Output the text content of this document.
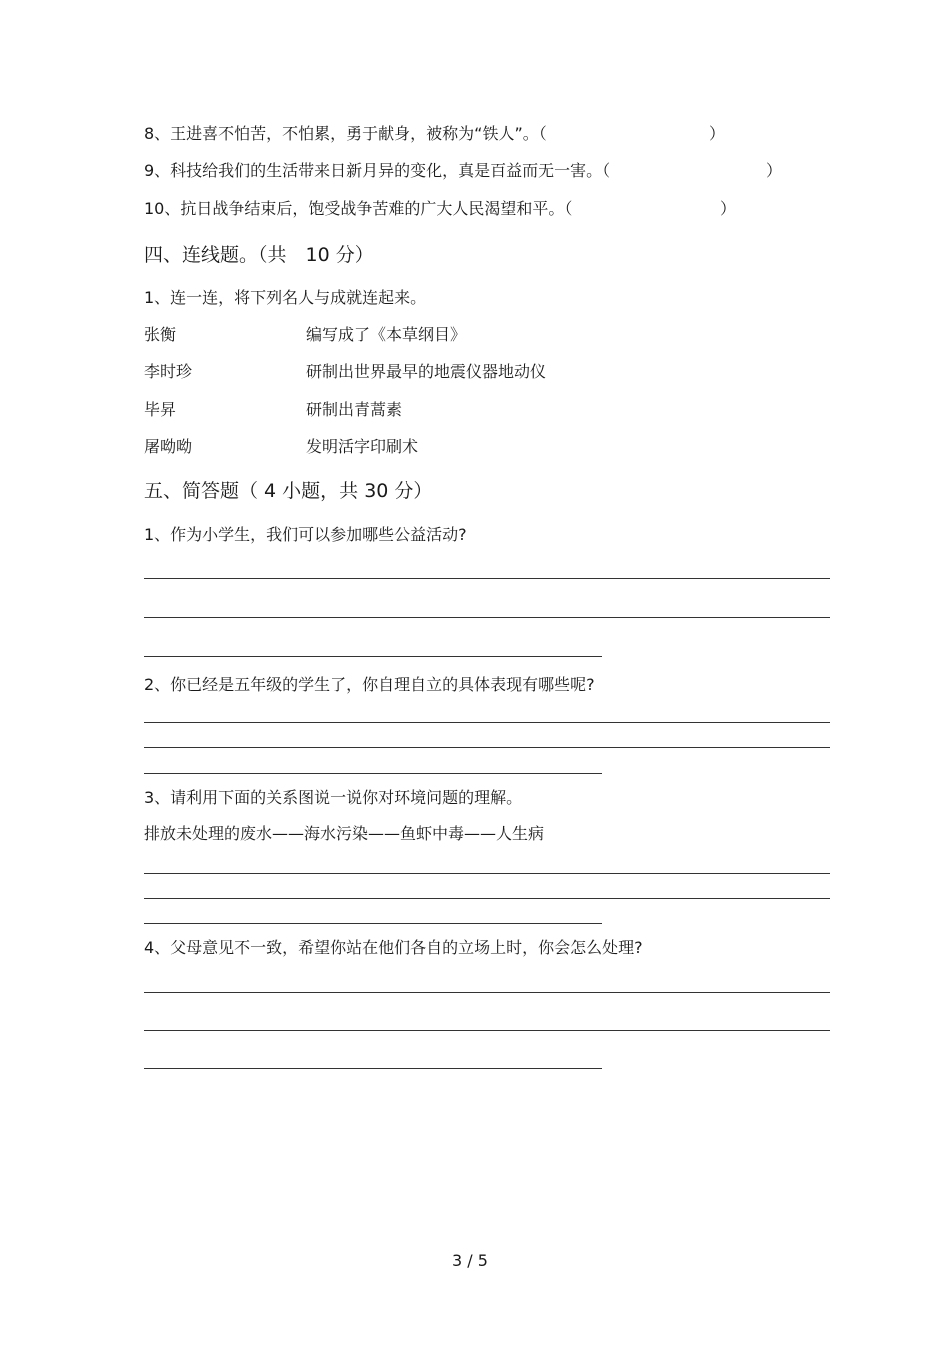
8、王进喜不怕苦，不怕累，勇于献身，被称为“铁人”。（	）
9、科技给我们的生活带来日新月异的变化，真是百益而无一害。（	）
10、抗日战争结束后，饱受战争苦难的广大人民渴望和平。（	）
四、连线题。（共　10 分）
1、连一连，将下列名人与成就连起来。
张衡	编写成了《本草纲目》
李时珍	研制出世界最早的地震仪器地动仪
毕昇	研制出青蒿素
屠呦呦	发明活字印刷术
五、简答题（ 4 小题，共 30 分）
1、作为小学生，我们可以参加哪些公益活动?
2、你已经是五年级的学生了，你自理自立的具体表现有哪些呢?
3、请利用下面的关系图说一说你对环境问题的理解。
排放未处理的废水——海水污染——鱼虾中毒——人生病
4、父母意见不一致，希望你站在他们各自的立场上时，你会怎么处理?
3 / 5
